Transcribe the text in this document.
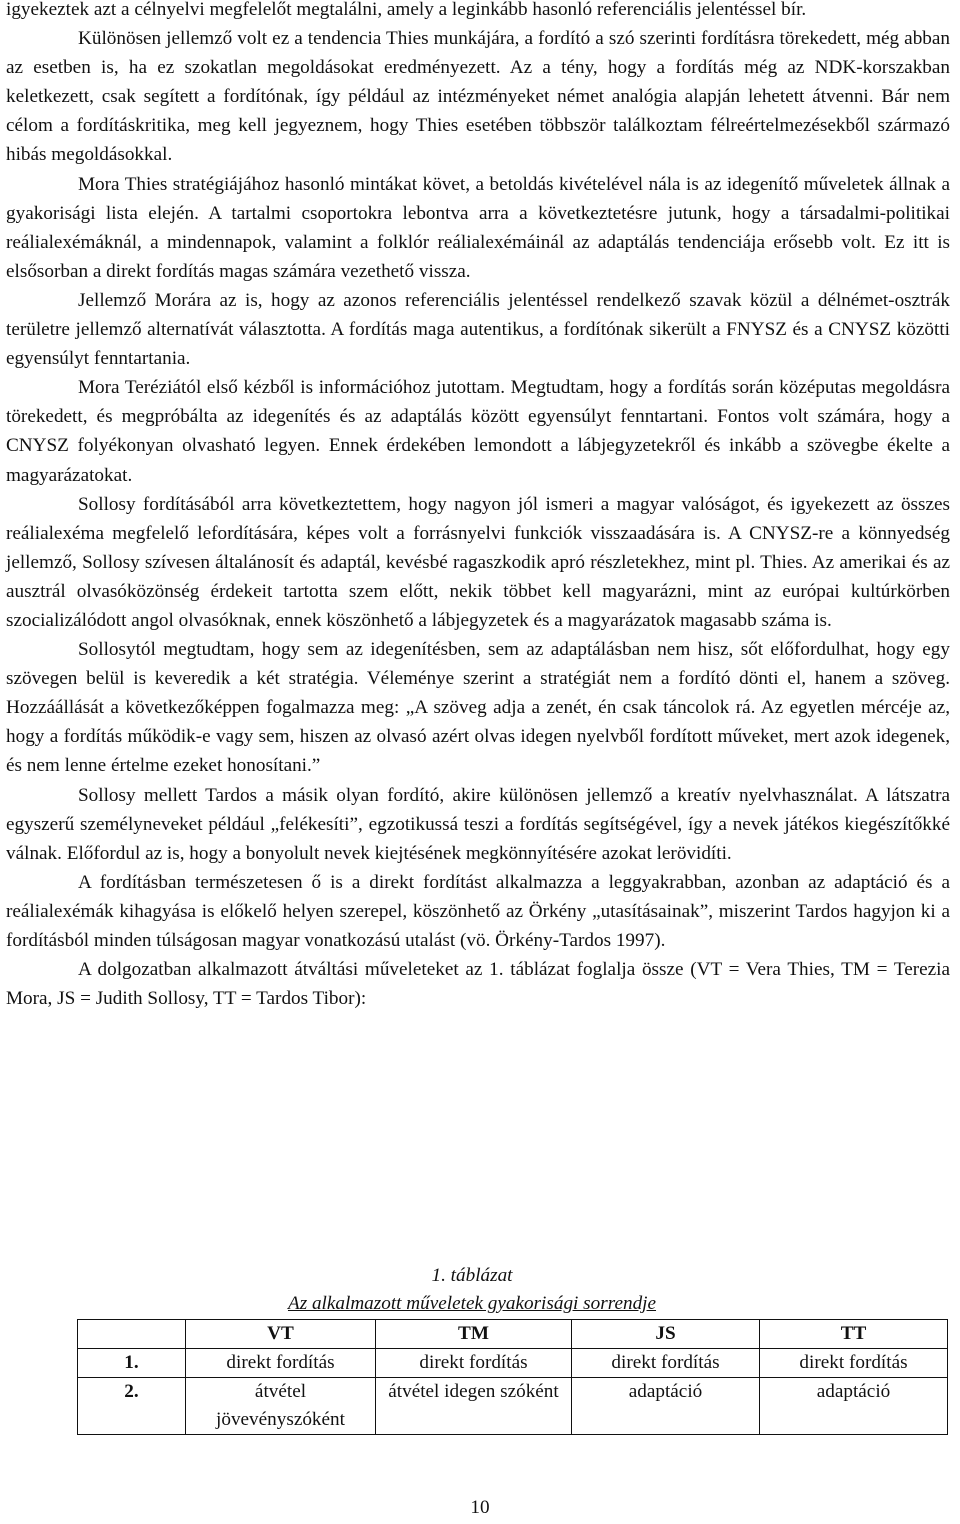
igyekeztek azt a célnyelvi megfelelőt megtalálni, amely a leginkább hasonló referenciális jelentéssel bír.

Különösen jellemző volt ez a tendencia Thies munkájára, a fordító a szó szerinti fordításra törekedett, még abban az esetben is, ha ez szokatlan megoldásokat eredményezett. Az a tény, hogy a fordítás még az NDK-korszakban keletkezett, csak segített a fordítónak, így például az intézményeket német analógia alapján lehetett átvenni. Bár nem célom a fordításkritika, meg kell jegyeznem, hogy Thies esetében többször találkoztam félreértelmezésekből származó hibás megoldásokkal.

Mora Thies stratégiájához hasonló mintákat követ, a betoldás kivételével nála is az idegenítő műveletek állnak a gyakorisági lista elején. A tartalmi csoportokra lebontva arra a következtetésre jutunk, hogy a társadalmi-politikai reálialexémáknál, a mindennapok, valamint a folklór reálialexémáinál az adaptálás tendenciája erősebb volt. Ez itt is elsősorban a direkt fordítás magas számára vezethető vissza.

Jellemző Morára az is, hogy az azonos referenciális jelentéssel rendelkező szavak közül a délnémet-osztrák területre jellemző alternatívát választotta. A fordítás maga autentikus, a fordítónak sikerült a FNYSZ és a CNYSZ közötti egyensúlyt fenntartania.

Mora Teréziától első kézből is információhoz jutottam. Megtudtam, hogy a fordítás során középutas megoldásra törekedett, és megpróbálta az idegenítés és az adaptálás között egyensúlyt fenntartani. Fontos volt számára, hogy a CNYSZ folyékonyan olvasható legyen. Ennek érdekében lemondott a lábjegyzetekről és inkább a szövegbe ékelte a magyarázatokat.

Sollosy fordításából arra következtettem, hogy nagyon jól ismeri a magyar valóságot, és igyekezett az összes reálialexéma megfelelő lefordítására, képes volt a forrásnyelvi funkciók visszaadására is. A CNYSZ-re a könnyedség jellemző, Sollosy szívesen általánosít és adaptál, kevésbé ragaszkodik apró részletekhez, mint pl. Thies. Az amerikai és az ausztrál olvasóközönség érdekeit tartotta szem előtt, nekik többet kell magyarázni, mint az európai kultúrkörben szocializálódott angol olvasóknak, ennek köszönhető a lábjegyzetek és a magyarázatok magasabb száma is.

Sollosytól megtudtam, hogy sem az idegenítésben, sem az adaptálásban nem hisz, sőt előfordulhat, hogy egy szövegen belül is keveredik a két stratégia. Véleménye szerint a stratégiát nem a fordító dönti el, hanem a szöveg. Hozzáállását a következőképpen fogalmazza meg: „A szöveg adja a zenét, én csak táncolok rá. Az egyetlen mércéje az, hogy a fordítás működik-e vagy sem, hiszen az olvasó azért olvas idegen nyelvből fordított műveket, mert azok idegenek, és nem lenne értelme ezeket honosítani.”

Sollosy mellett Tardos a másik olyan fordító, akire különösen jellemző a kreatív nyelvhasználat. A látszatra egyszerű személyneveket például „felékesíti”, egzotikussá teszi a fordítás segítségével, így a nevek játékos kiegészítőkké válnak. Előfordul az is, hogy a bonyolult nevek kiejtésének megkönnyítésére azokat lerövidíti.

A fordításban természetesen ő is a direkt fordítást alkalmazza a leggyakrabban, azonban az adaptáció és a reálialexémák kihagyása is előkelő helyen szerepel, köszönhető az Örkény „utasításainak”, miszerint Tardos hagyjon ki a fordításból minden túlságosan magyar vonatkozású utalást (vö. Örkény-Tardos 1997).

A dolgozatban alkalmazott átváltási műveleteket az 1. táblázat foglalja össze (VT = Vera Thies, TM = Terezia Mora, JS = Judith Sollosy, TT = Tardos Tibor):

1. táblázat
Az alkalmazott műveletek gyakorisági sorrendje
	VT	TM	JS	TT
1.	direkt fordítás	direkt fordítás	direkt fordítás	direkt fordítás
2.	átvétel jövevényszóként	átvétel idegen szóként	adaptáció	adaptáció
10
